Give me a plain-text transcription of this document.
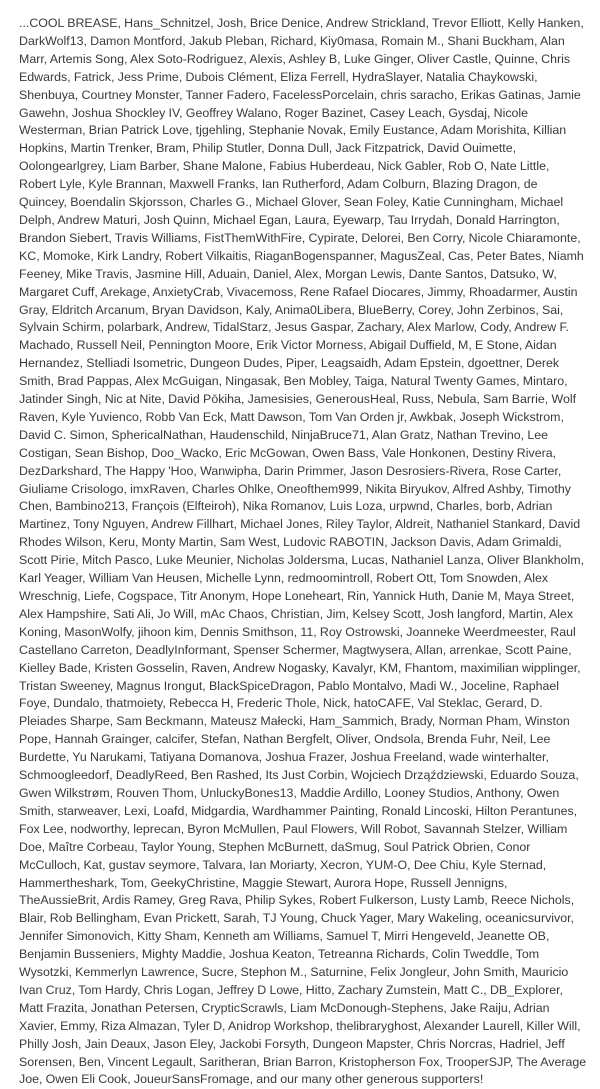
...COOL BREASE, Hans_Schnitzel, Josh, Brice Denice, Andrew Strickland, Trevor Elliott, Kelly Hanken, DarkWolf13, Damon Montford, Jakub Pleban, Richard, Kiy0masa, Romain M., Shani Buckham, Alan Marr, Artemis Song, Alex Soto-Rodriguez, Alexis, Ashley B, Luke Ginger, Oliver Castle, Quinne, Chris Edwards, Fatrick, Jess Prime, Dubois Clément, Eliza Ferrell, HydraSlayer, Natalia Chaykowski, Shenbuya, Courtney Monster, Tanner Fadero, FacelessPorcelain, chris saracho, Erikas Gatinas, Jamie Gawehn, Joshua Shockley IV, Geoffrey Walano, Roger Bazinet, Casey Leach, Gysdaj, Nicole Westerman, Brian Patrick Love, tjgehling, Stephanie Novak, Emily Eustance, Adam Morishita, Killian Hopkins, Martin Trenker, Bram, Philip Stutler, Donna Dull, Jack Fitzpatrick, David Ouimette, Oolongearlgrey, Liam Barber, Shane Malone, Fabius Huberdeau, Nick Gabler, Rob O, Nate Little, Robert Lyle, Kyle Brannan, Maxwell Franks, Ian Rutherford, Adam Colburn, Blazing Dragon, de Quincey, Boendalin Skjorsson, Charles G., Michael Glover, Sean Foley, Katie Cunningham, Michael Delph, Andrew Maturi, Josh Quinn, Michael Egan, Laura, Eyewarp, Tau Irrydah, Donald Harrington, Brandon Siebert, Travis Williams, FistThemWithFire, Cypirate, Delorei, Ben Corry, Nicole Chiaramonte, KC, Momoke, Kirk Landry, Robert Vilkaitis, RiaganBogenspanner, MagusZeal, Cas, Peter Bates, Niamh Feeney, Mike Travis, Jasmine Hill, Aduain, Daniel, Alex, Morgan Lewis, Dante Santos, Datsuko, W, Margaret Cuff, Arekage, AnxietyCrab, Vivacemoss, Rene Rafael Diocares, Jimmy, Rhoadarmer, Austin Gray, Eldritch Arcanum, Bryan Davidson, Kaly, Anima0Libera, BlueBerry, Corey, John Zerbinos, Sai, Sylvain Schirm, polarbark, Andrew, TidalStarz, Jesus Gaspar, Zachary, Alex Marlow, Cody, Andrew F. Machado, Russell Neil, Pennington Moore, Erik Victor Morness, Abigail Duffield, M, E Stone, Aidan Hernandez, Stelliadi Isometric, Dungeon Dudes, Piper, Leagsaidh, Adam Epstein, dgoettner, Derek Smith, Brad Pappas, Alex McGuigan, Ningasak, Ben Mobley, Taiga, Natural Twenty Games, Mintaro, Jatinder Singh, Nic at Nite, David Pōkiha, Jamesisies, GenerousHeal, Russ, Nebula, Sam Barrie, Wolf Raven, Kyle Yuvienco, Robb Van Eck, Matt Dawson, Tom Van Orden jr, Awkbak, Joseph Wickstrom, David C. Simon, SphericalNathan, Haudenschild, NinjaBruce71, Alan Gratz, Nathan Trevino, Lee Costigan, Sean Bishop, Doo_Wacko, Eric McGowan, Owen Bass, Vale Honkonen, Destiny Rivera, DezDarkshard, The Happy 'Hoo, Wanwipha, Darin Primmer, Jason Desrosiers-Rivera, Rose Carter, Giuliame Crisologo, imxRaven, Charles Ohlke, Oneofthem999, Nikita Biryukov, Alfred Ashby, Timothy Chen, Bambino213, François (Elfteiroh), Nika Romanov, Luis Loza, urpwnd, Charles, borb, Adrian Martinez, Tony Nguyen, Andrew Fillhart, Michael Jones, Riley Taylor, Aldreit, Nathaniel Stankard, David Rhodes Wilson, Keru, Monty Martin, Sam West, Ludovic RABOTIN, Jackson Davis, Adam Grimaldi, Scott Pirie, Mitch Pasco, Luke Meunier, Nicholas Joldersma, Lucas, Nathaniel Lanza, Oliver Blankholm, Karl Yeager, William Van Heusen, Michelle Lynn, redmoomintroll, Robert Ott, Tom Snowden, Alex Wreschnig, Liefe, Cogspace, Titr Anonym, Hope Loneheart, Rin, Yannick Huth, Danie M, Maya Street, Alex Hampshire, Sati Ali, Jo Will, mAc Chaos, Christian, Jim, Kelsey Scott, Josh langford, Martin, Alex Koning, MasonWolfy, jihoon kim, Dennis Smithson, 11, Roy Ostrowski, Joanneke Weerdmeester, Raul Castellano Carreton, DeadlyInformant, Spenser Schermer, Magtwysera, Allan, arrenkae, Scott Paine, Kielley Bade, Kristen Gosselin, Raven, Andrew Nogasky, Kavalyr, KM, Fhantom, maximilian wipplinger, Tristan Sweeney, Magnus Irongut, BlackSpiceDragon, Pablo Montalvo, Madi W., Joceline, Raphael Foye, Dundalo, thatmoiety, Rebecca H, Frederic Thole, Nick, hatoCAFE, Val Steklac, Gerard, D. Pleiades Sharpe, Sam Beckmann, Mateusz Małecki, Ham_Sammich, Brady, Norman Pham, Winston Pope, Hannah Grainger, calcifer, Stefan, Nathan Bergfelt, Oliver, Ondsola, Brenda Fuhr, Neil, Lee Burdette, Yu Narukami, Tatiyana Domanova, Joshua Frazer, Joshua Freeland, wade winterhalter, Schmoogleedorf, DeadlyReed, Ben Rashed, Its Just Corbin, Wojciech Drząździewski, Eduardo Souza, Gwen Wilkstrøm, Rouven Thom, UnluckyBones13, Maddie Ardillo, Looney Studios, Anthony, Owen Smith, starweaver, Lexi, Loafd, Midgardia, Wardhammer Painting, Ronald Lincoski, Hilton Perantunes, Fox Lee, nodworthy, leprecan, Byron McMullen, Paul Flowers, Will Robot, Savannah Stelzer, William Doe, Maître Corbeau, Taylor Young, Stephen McBurnett, daSmug, Soul Patrick Obrien, Conor McCulloch, Kat, gustav seymore, Talvara, Ian Moriarty, Xecron, YUM-O, Dee Chiu, Kyle Sternad, Hammertheshark, Tom, GeekyChristine, Maggie Stewart, Aurora Hope, Russell Jennigns, TheAussieBrit, Ardis Ramey, Greg Rava, Philip Sykes, Robert Fulkerson, Lusty Lamb, Reece Nichols, Blair, Rob Bellingham, Evan Prickett, Sarah, TJ Young, Chuck Yager, Mary Wakeling, oceanicsurvivor, Jennifer Simonovich, Kitty Sham, Kenneth am Williams, Samuel T, Mirri Hengeveld, Jeanette OB, Benjamin Busseniers, Mighty Maddie, Joshua Keaton, Tetreanna Richards, Colin Tweddle, Tom Wysotzki, Kemmerlyn Lawrence, Sucre, Stephon M., Saturnine, Felix Jongleur, John Smith, Mauricio Ivan Cruz, Tom Hardy, Chris Logan, Jeffrey D Lowe, Hitto, Zachary Zumstein, Matt C., DB_Explorer, Matt Frazita, Jonathan Petersen, CrypticScrawls, Liam McDonough-Stephens, Jake Raiju, Adrian Xavier, Emmy, Riza Almazan, Tyler D, Anidrop Workshop, thelibraryghost, Alexander Laurell, Killer Will, Philly Josh, Jain Deaux, Jason Eley, Jackobi Forsyth, Dungeon Mapster, Chris Norcras, Hadriel, Jeff Sorensen, Ben, Vincent Legault, Saritheran, Brian Barron, Kristopherson Fox, TrooperSJP, The Average Joe, Owen Eli Cook, JoueurSansFromage, and our many other generous supporters!
